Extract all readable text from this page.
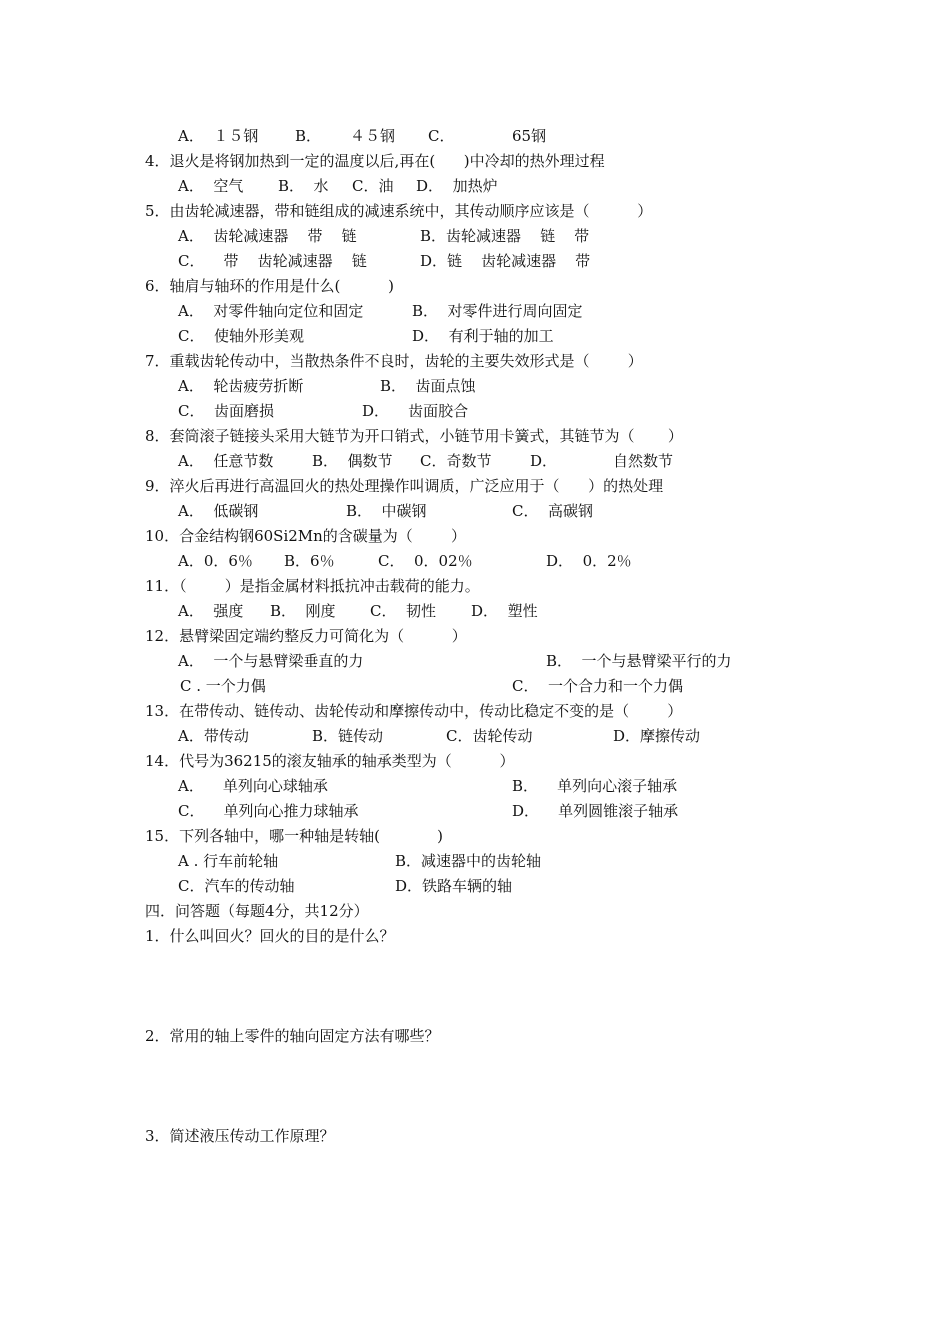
A．  １５钢 B． ４５钢 C．	65钢
4．退火是将钢加热到一定的温度以后,再在(      )中冷却的热外理过程
A．  空气 B．  水 C．油 D．  加热炉
5．由齿轮减速器，带和链组成的减速系统中，其传动顺序应该是（          ）
A．  齿轮减速器    带    链	B．齿轮减速器    链    带
C．    带    齿轮减速器    链	D．链    齿轮减速器    带
6．轴肩与轴环的作用是什么(          )
A．  对零件轴向定位和固定	B．  对零件进行周向固定
C．  使轴外形美观	D．  有利于轴的加工
7．重载齿轮传动中，当散热条件不良时，齿轮的主要失效形式是（        ）
A．  轮齿疲劳折断	B．  齿面点蚀
C．  齿面磨损	D．    齿面胶合
8．套筒滚子链接头采用大链节为开口销式，小链节用卡簧式，其链节为（       ）
A．  任意节数	B．  偶数节 C．奇数节	D．	自然数节
9．淬火后再进行高温回火的热处理操作叫调质，广泛应用于（      ）的热处理
A．  低碳钢	B．  中碳钢	C．  高碳钢
10．合金结构钢60Si2Mn的含碳量为（        ）
A．0．6％ B．6％	C．  0．02％	D．  0．2％
11．（        ）是指金属材料抵抗冲击载荷的能力。
A．  强度 B．  刚度 C．  韧性 D．  塑性
12．悬臂梁固定端约整反力可简化为（          ）
A．  一个与悬臂梁垂直的力	B．  一个与悬臂梁平行的力
C . 一个力偶	C．  一个合力和一个力偶
13．在带传动、链传动、齿轮传动和摩擦传动中，传动比稳定不变的是（        ）
A．带传动	B．链传动	C．齿轮传动	D．摩擦传动
14．代号为36215的滚友轴承的轴承类型为（          ）
A．    单列向心球轴承	B．    单列向心滚子轴承
C．    单列向心推力球轴承	D．    单列圆锥滚子轴承
15．下列各轴中，哪一种轴是转轴(            )
A . 行车前轮轴	B．减速器中的齿轮轴
C．汽车的传动轴	D．铁路车辆的轴
四．问答题（每题4分，共12分）
1．什么叫回火？回火的目的是什么？
2．常用的轴上零件的轴向固定方法有哪些？
3．简述液压传动工作原理？
